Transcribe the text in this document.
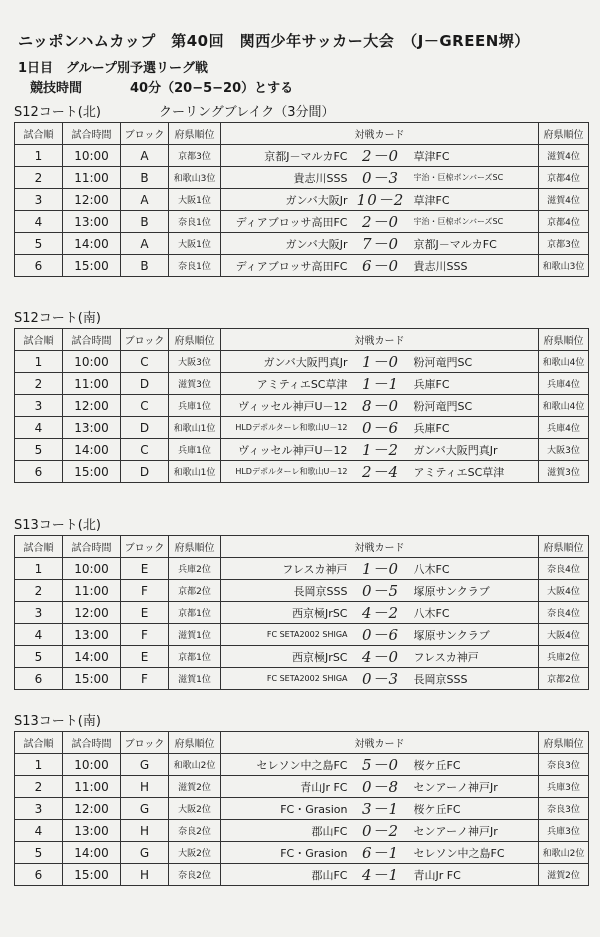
ニッポンハムカップ　第40回　関西少年サッカー大会　（J－GREEN堺）
1日目　グループ別予選リーグ戦
競技時間	40分（20−5−20）とする
S12コート(北)	クーリングブレイク（3分間）
試合順	試合時間	ブロック	府県順位	対戦カード	府県順位
1	10:00	A	京都3位	京都J－マルカFC 2－0 草津FC	滋賀4位
2	11:00	B	和歌山3位	貴志川SSS 0－3 宇治・巨椋ボンバーズSC	京都4位
3	12:00	A	大阪1位	ガンバ大阪Jr 10－2 草津FC	滋賀4位
4	13:00	B	奈良1位	ディアブロッサ高田FC 2－0 宇治・巨椋ボンバーズSC	京都4位
5	14:00	A	大阪1位	ガンバ大阪Jr 7－0 京都J－マルカFC	京都3位
6	15:00	B	奈良1位	ディアブロッサ高田FC 6－0 貴志川SSS	和歌山3位
S12コート(南)
試合順	試合時間	ブロック	府県順位	対戦カード	府県順位
1	10:00	C	大阪3位	ガンバ大阪門真Jr 1－0 粉河竜門SC	和歌山4位
2	11:00	D	滋賀3位	アミティエSC草津 1－1 兵庫FC	兵庫4位
3	12:00	C	兵庫1位	ヴィッセル神戸U－12 8－0 粉河竜門SC	和歌山4位
4	13:00	D	和歌山1位	HLDデポルターレ和歌山U－12 0－6 兵庫FC	兵庫4位
5	14:00	C	兵庫1位	ヴィッセル神戸U－12 1－2 ガンバ大阪門真Jr	大阪3位
6	15:00	D	和歌山1位	HLDデポルターレ和歌山U－12 2－4 アミティエSC草津	滋賀3位
S13コート(北)
試合順	試合時間	ブロック	府県順位	対戦カード	府県順位
1	10:00	E	兵庫2位	フレスカ神戸 1－0 八木FC	奈良4位
2	11:00	F	京都2位	長岡京SSS 0－5 塚原サンクラブ	大阪4位
3	12:00	E	京都1位	西京極JrSC 4－2 八木FC	奈良4位
4	13:00	F	滋賀1位	FC SETA2002 SHIGA 0－6 塚原サンクラブ	大阪4位
5	14:00	E	京都1位	西京極JrSC 4－0 フレスカ神戸	兵庫2位
6	15:00	F	滋賀1位	FC SETA2002 SHIGA 0－3 長岡京SSS	京都2位
S13コート(南)
試合順	試合時間	ブロック	府県順位	対戦カード	府県順位
1	10:00	G	和歌山2位	セレソン中之島FC 5－0 桜ケ丘FC	奈良3位
2	11:00	H	滋賀2位	青山Jr FC 0－8 センアーノ神戸Jr	兵庫3位
3	12:00	G	大阪2位	FC・Grasion 3－1 桜ケ丘FC	奈良3位
4	13:00	H	奈良2位	郡山FC 0－2 センアーノ神戸Jr	兵庫3位
5	14:00	G	大阪2位	FC・Grasion 6－1 セレソン中之島FC	和歌山2位
6	15:00	H	奈良2位	郡山FC 4－1 青山Jr FC	滋賀2位
